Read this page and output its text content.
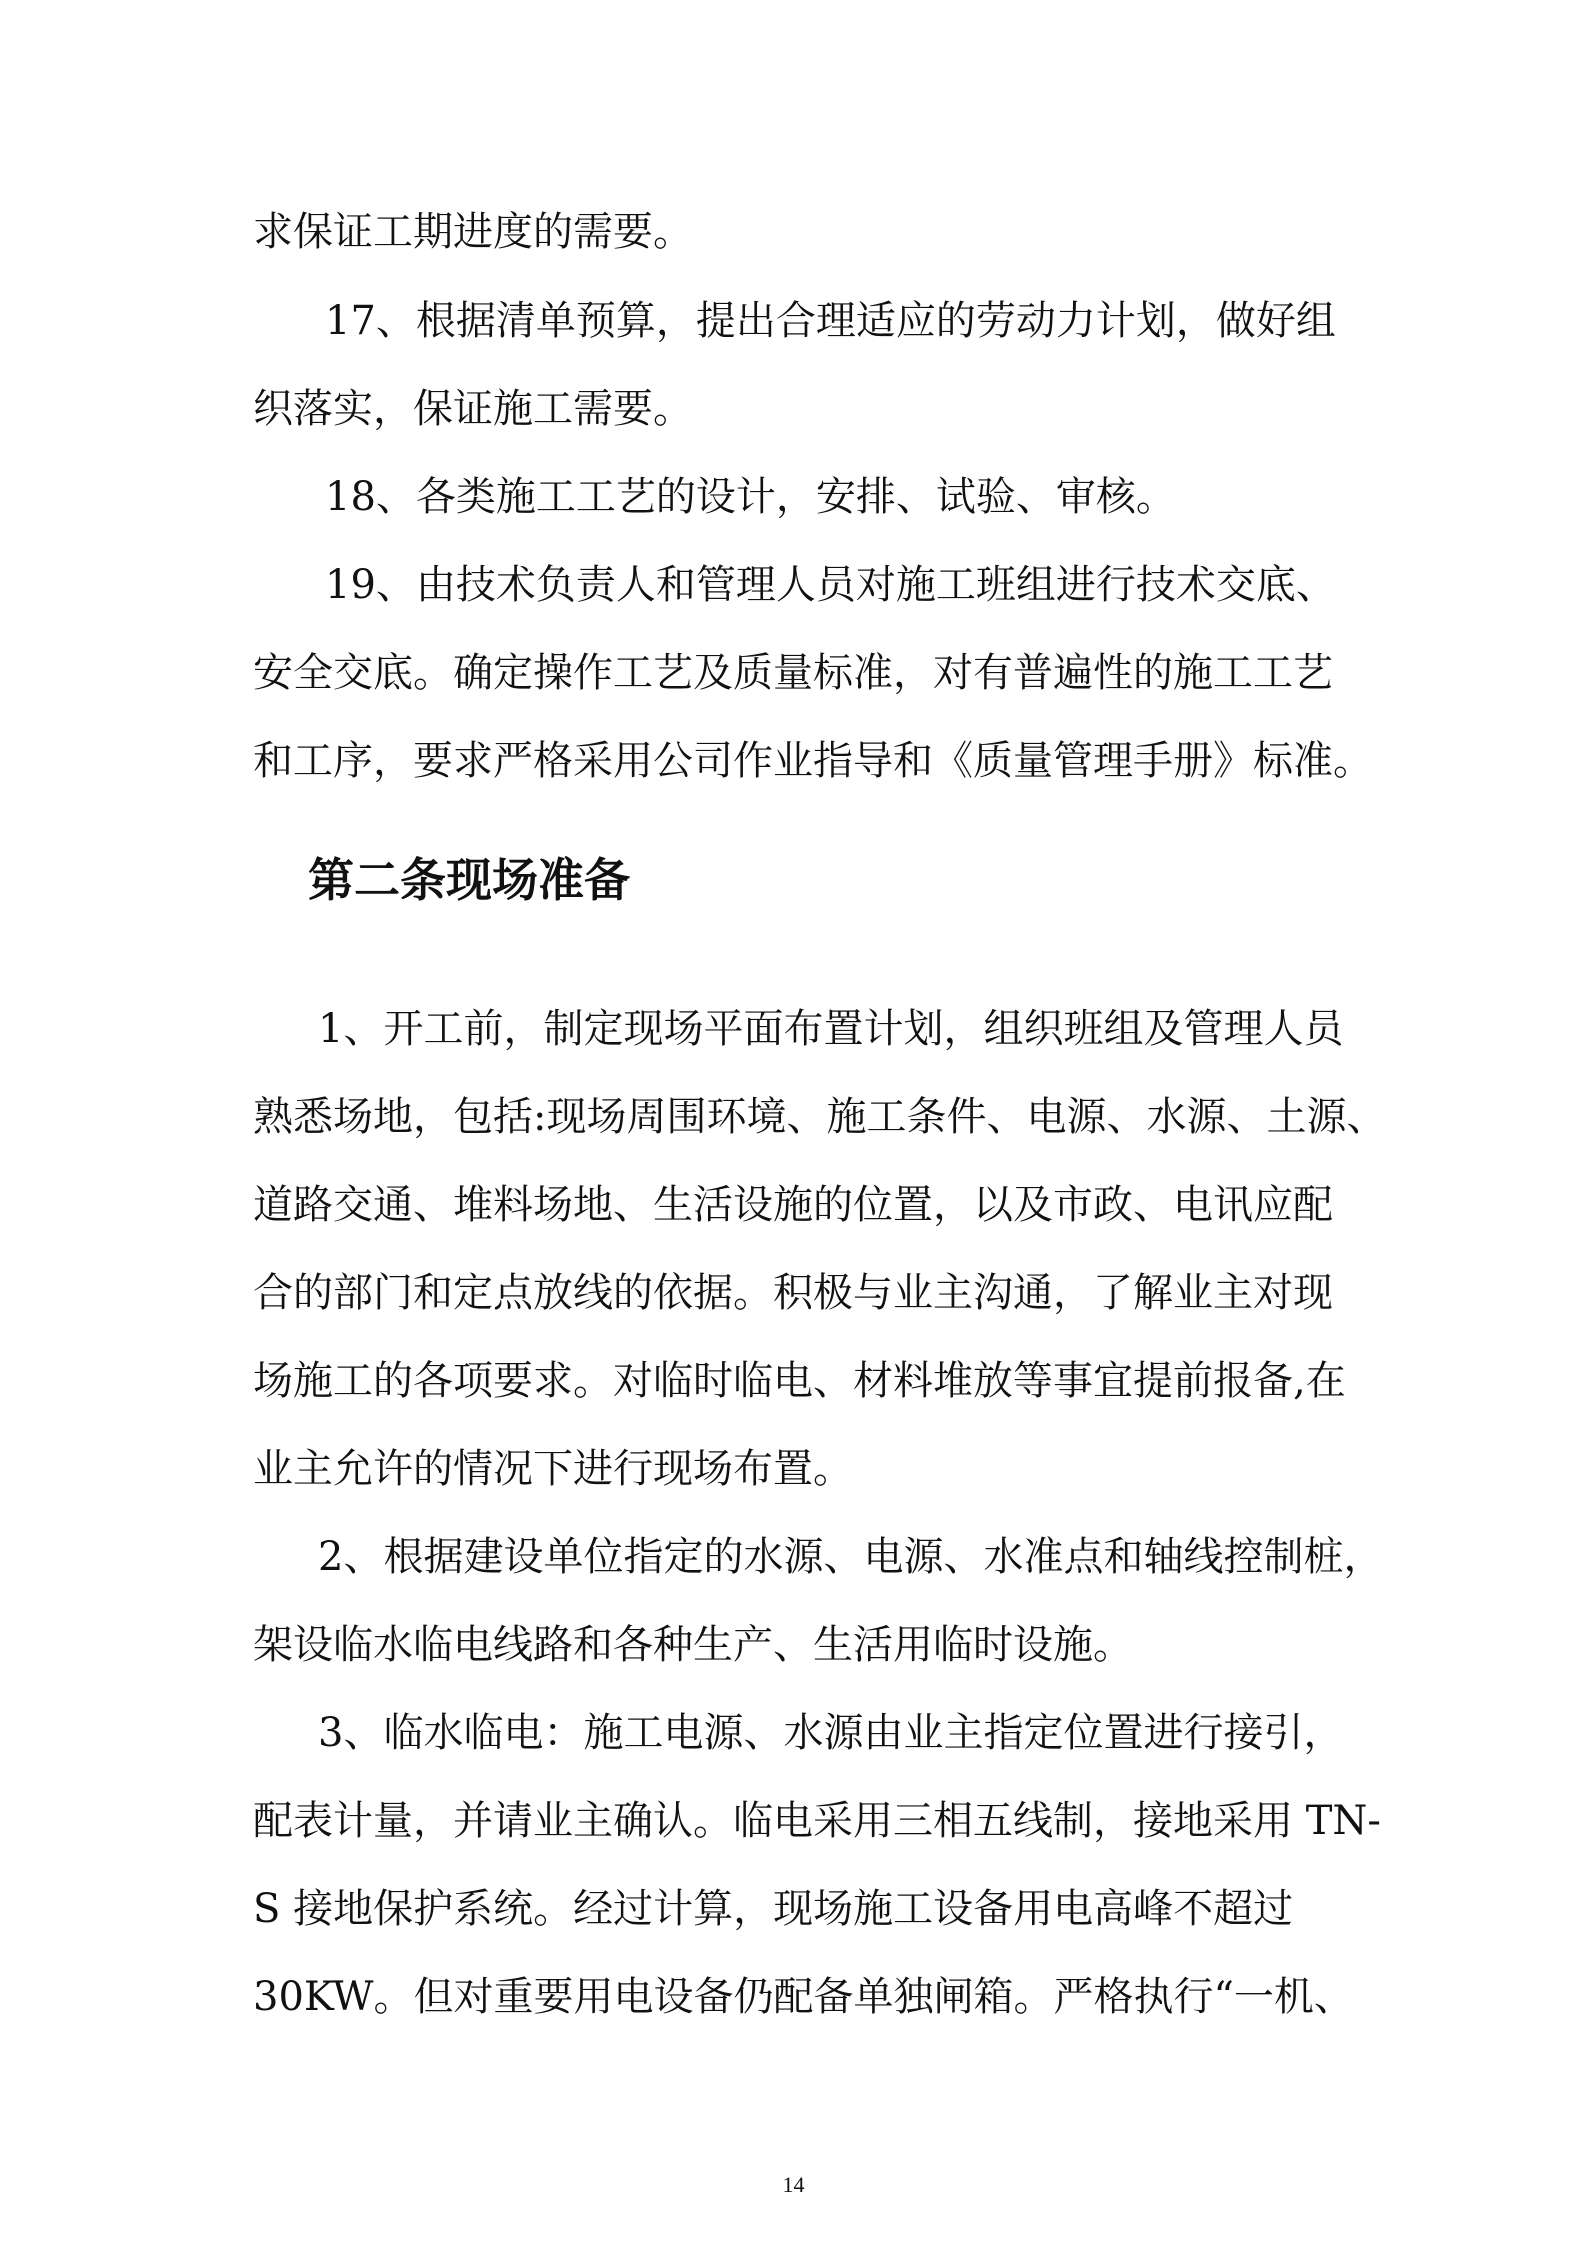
求保证工期进度的需要。

17、根据清单预算，提出合理适应的劳动力计划，做好组

织落实，保证施工需要。

18、各类施工工艺的设计，安排、试验、审核。

19、由技术负责人和管理人员对施工班组进行技术交底、

安全交底。确定操作工艺及质量标准，对有普遍性的施工工艺

和工序，要求严格采用公司作业指导和《质量管理手册》标准。

第二条现场准备

1、开工前，制定现场平面布置计划，组织班组及管理人员

熟悉场地，包括:现场周围环境、施工条件、电源、水源、土源、

道路交通、堆料场地、生活设施的位置，以及市政、电讯应配

合的部门和定点放线的依据。积极与业主沟通，了解业主对现

场施工的各项要求。对临时临电、材料堆放等事宜提前报备,在

业主允许的情况下进行现场布置。

2、根据建设单位指定的水源、电源、水准点和轴线控制桩，

架设临水临电线路和各种生产、生活用临时设施。

3、临水临电：施工电源、水源由业主指定位置进行接引，

配表计量，并请业主确认。临电采用三相五线制，接地采用 TN-

S 接地保护系统。经过计算，现场施工设备用电高峰不超过

30KW。但对重要用电设备仍配备单独闸箱。严格执行“一机、

14
